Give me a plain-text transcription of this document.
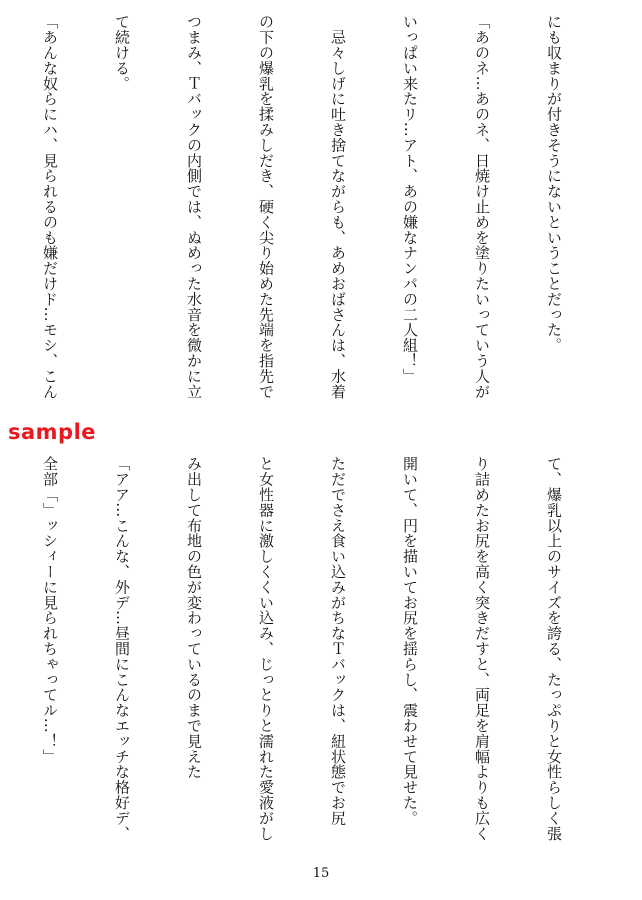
にも収まりが付きそうにないということだった。

「あのネ…あのネ、日焼け止めを塗りたいっていう人が

いっぱい来たリ…アト、あの嫌なナンパの二人組！」

　忌々しげに吐き捨てながらも、あめおばさんは、水着

の下の爆乳を揉みしだき、硬く尖り始めた先端を指先で

つまみ、Ｔバックの内側では、ぬめった水音を微かに立

て続ける。

「あんな奴らにハ、見られるのも嫌だけド…モシ、こん

sample

て、爆乳以上のサイズを誇る、たっぷりと女性らしく張

り詰めたお尻を高く突きだすと、両足を肩幅よりも広く

開いて、円を描いてお尻を揺らし、震わせて見せた。

ただでさえ食い込みがちなＴバックは、紐状態でお尻

と女性器に激しくくい込み、じっとりと濡れた愛液がし

み出して布地の色が変わっているのまで見えた

「アア…こんな、外デ…昼間にこんなエッチな格好デ、

全部「」ッシィーに見られちゃってル…！」

15
